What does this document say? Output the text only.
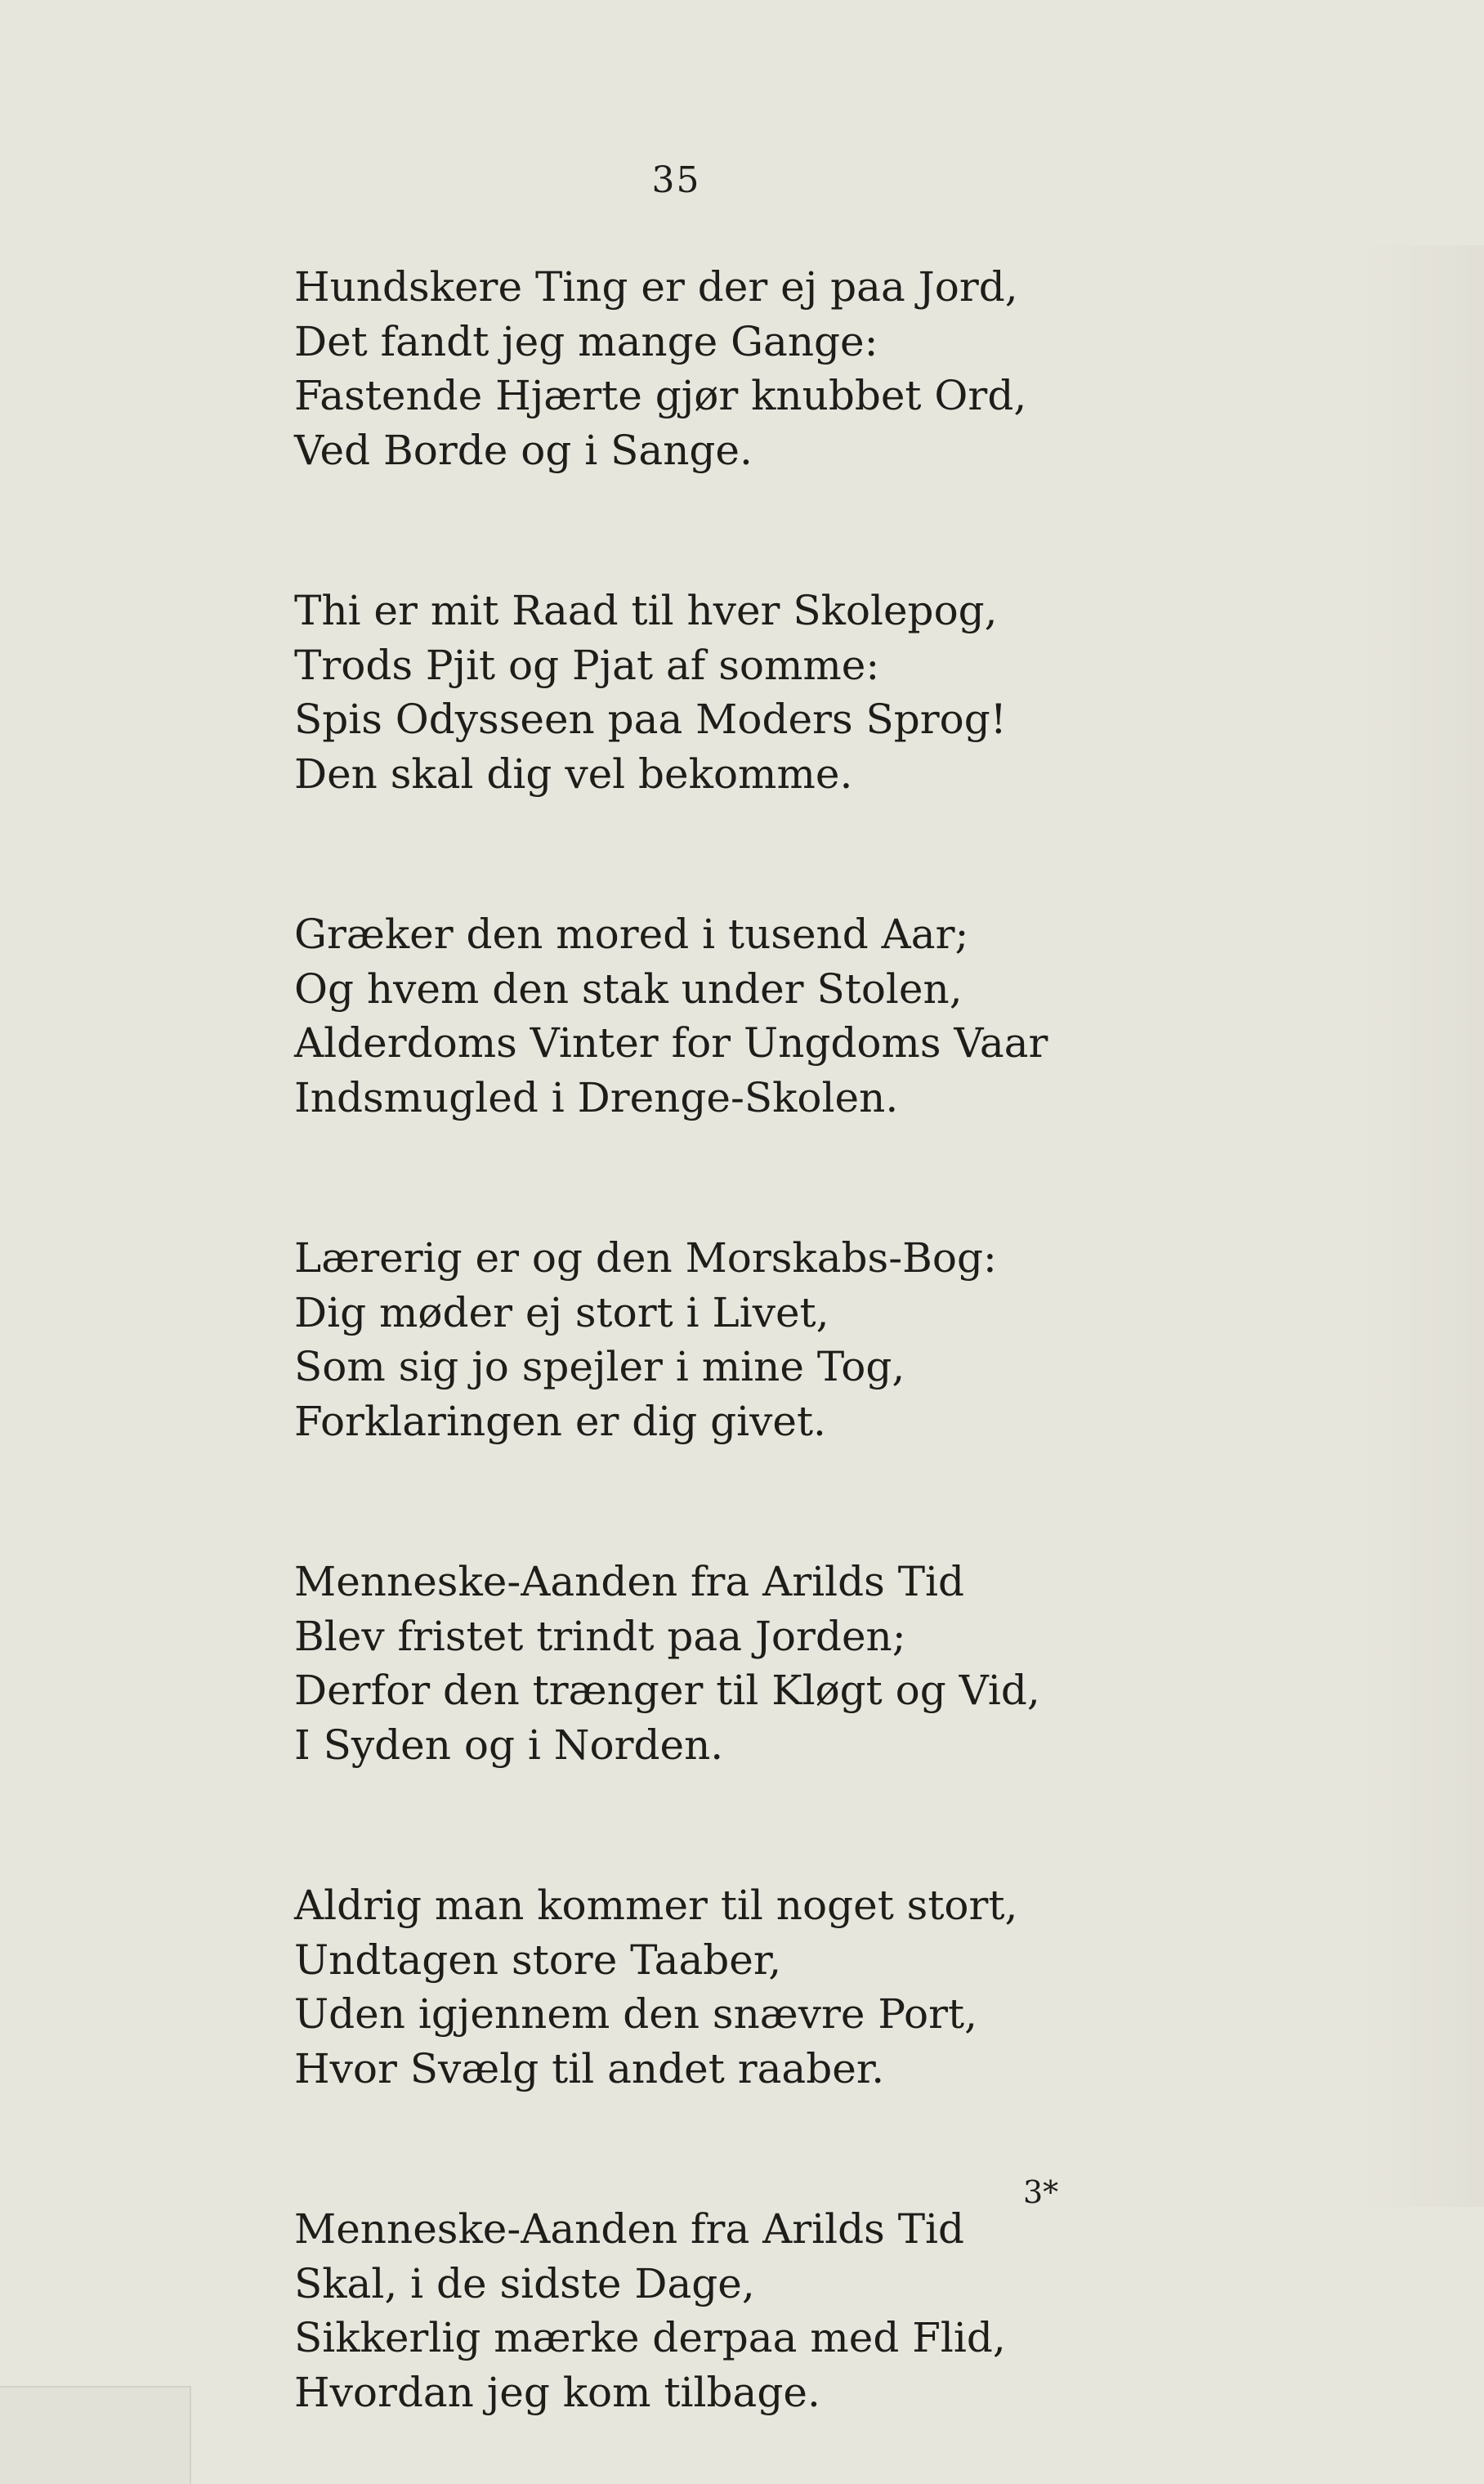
35
Hundskere Ting er der ej paa Jord,
Det fandt jeg mange Gange:
Fastende Hjærte gjør knubbet Ord,
Ved Borde og i Sange.
Thi er mit Raad til hver Skolepog,
Trods Pjit og Pjat af somme:
Spis Odysseen paa Moders Sprog!
Den skal dig vel bekomme.
Græker den mored i tusend Aar;
Og hvem den stak under Stolen,
Alderdoms Vinter for Ungdoms Vaar
Indsmugled i Drenge-Skolen.
Lærerig er og den Morskabs-Bog:
Dig møder ej stort i Livet,
Som sig jo spejler i mine Tog,
Forklaringen er dig givet.
Menneske-Aanden fra Arilds Tid
Blev fristet trindt paa Jorden;
Derfor den trænger til Kløgt og Vid,
I Syden og i Norden.
Aldrig man kommer til noget stort,
Undtagen store Taaber,
Uden igjennem den snævre Port,
Hvor Svælg til andet raaber.
Menneske-Aanden fra Arilds Tid
Skal, i de sidste Dage,
Sikkerlig mærke derpaa med Flid,
Hvordan jeg kom tilbage.
3*
